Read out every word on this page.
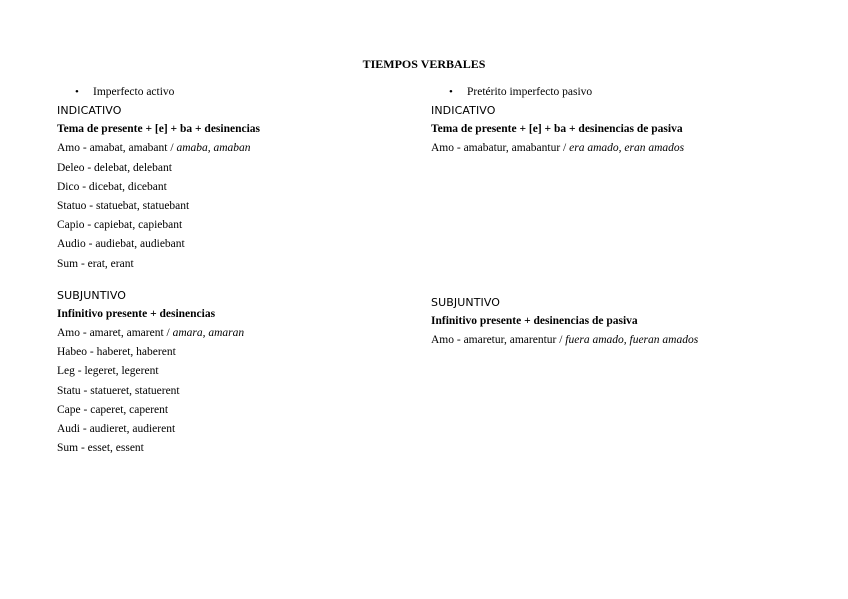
TIEMPOS VERBALES
• Imperfecto activo
INDICATIVO
Tema de presente + [e] + ba + desinencias
Amo - amabat, amabant / amaba, amaban
Deleo - delebat, delebant
Dico - dicebat, dicebant
Statuo - statuebat, statuebant
Capio - capiebat, capiebant
Audio - audiebat, audiebant
Sum - erat, erant
SUBJUNTIVO
Infinitivo presente + desinencias
Amo - amaret, amarent / amara, amaran
Habeo - haberet, haberent
Leg - legeret, legerent
Statu - statueret, statuerent
Cape - caperet, caperent
Audi - audieret, audierent
Sum - esset, essent
• Pretérito imperfecto pasivo
INDICATIVO
Tema de presente + [e] + ba + desinencias de pasiva
Amo - amabatur, amabantur / era amado, eran amados
SUBJUNTIVO
Infinitivo presente + desinencias de pasiva
Amo - amaretur, amarentur / fuera amado, fueran amados
